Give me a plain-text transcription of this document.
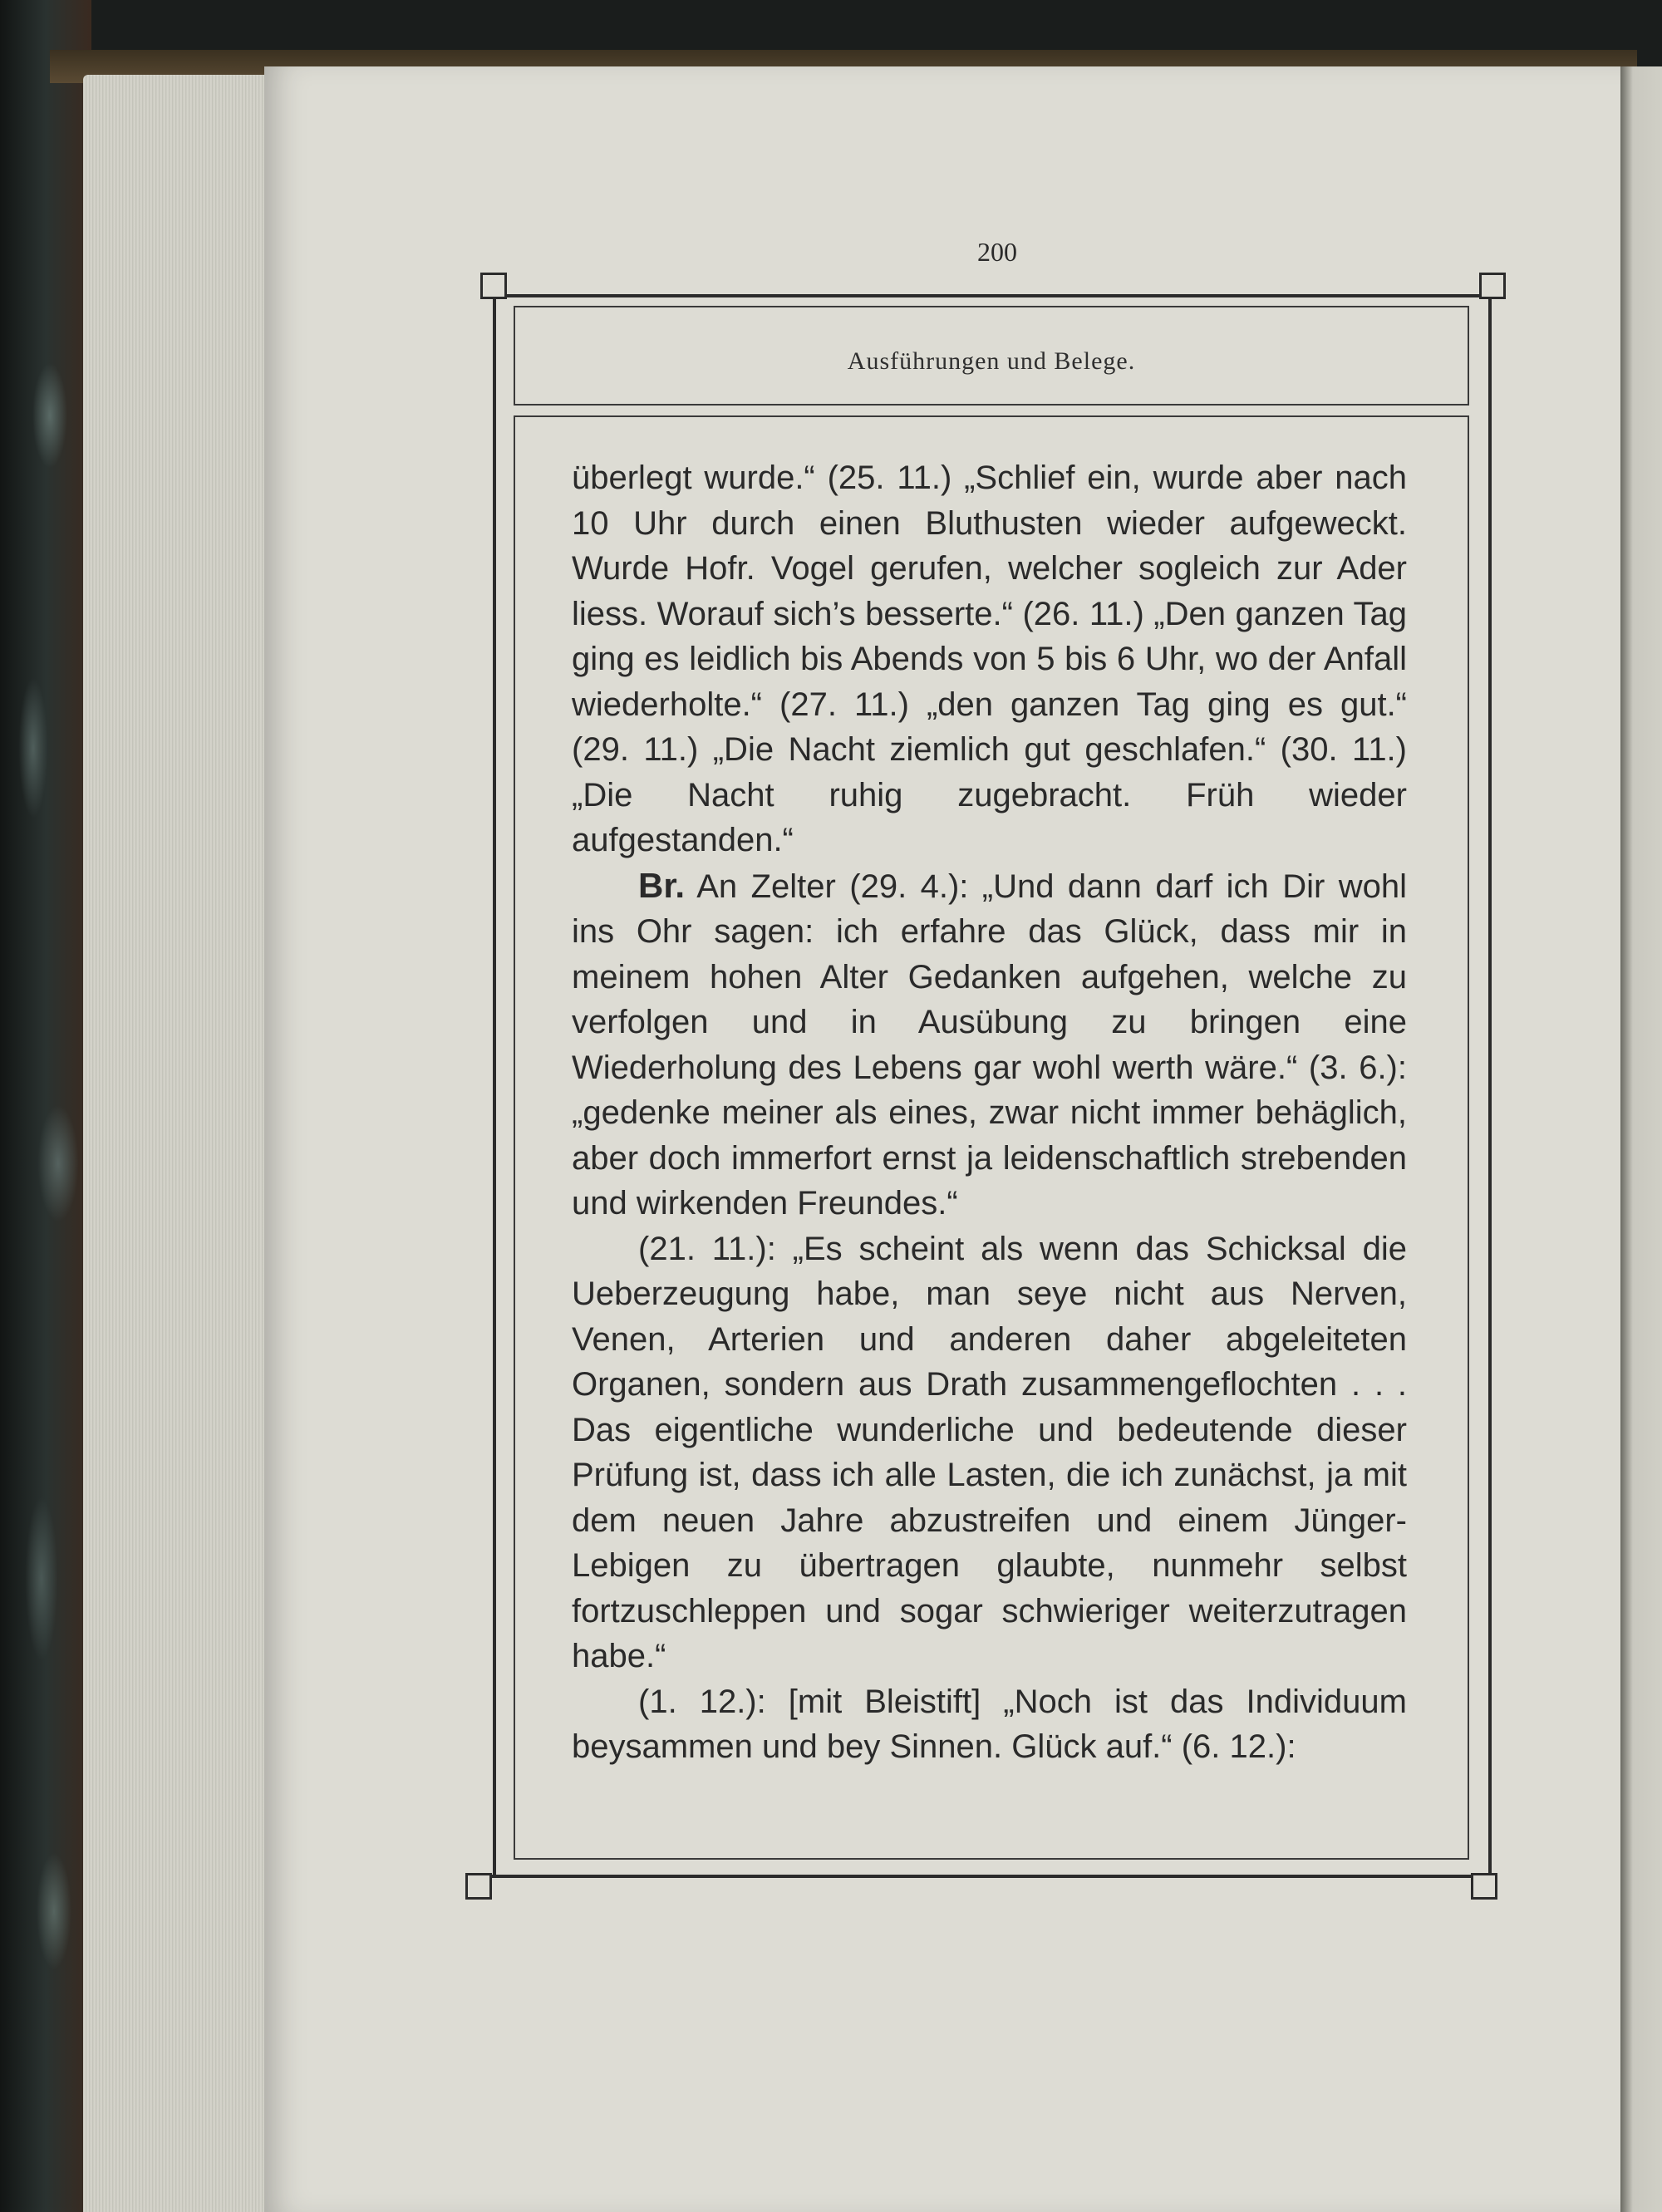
200
Ausführungen und Belege.

überlegt wurde.“ (25. 11.) „Schlief ein, wurde aber nach 10 Uhr durch einen Bluthusten wieder aufgeweckt. Wurde Hofr. Vogel gerufen, welcher sogleich zur Ader liess. Worauf sich’s besserte.“ (26. 11.) „Den ganzen Tag ging es leidlich bis Abends von 5 bis 6 Uhr, wo der Anfall wiederholte.“ (27. 11.) „den ganzen Tag ging es gut.“ (29. 11.) „Die Nacht ziemlich gut geschlafen.“ (30. 11.) „Die Nacht ruhig zugebracht. Früh wieder aufgestanden.“

Br. An Zelter (29. 4.): „Und dann darf ich Dir wohl ins Ohr sagen: ich erfahre das Glück, dass mir in meinem hohen Alter Gedanken aufgehen, welche zu verfolgen und in Ausübung zu bringen eine Wiederholung des Lebens gar wohl werth wäre.“ (3. 6.): „gedenke meiner als eines, zwar nicht immer behäglich, aber doch immerfort ernst ja leidenschaftlich strebenden und wirkenden Freundes.“

(21. 11.): „Es scheint als wenn das Schicksal die Ueberzeugung habe, man seye nicht aus Nerven, Venen, Arterien und anderen daher abgeleiteten Organen, sondern aus Drath zusammengeflochten . . . Das eigentliche wunderliche und bedeutende dieser Prüfung ist, dass ich alle Lasten, die ich zunächst, ja mit dem neuen Jahre abzustreifen und einem Jünger-Lebigen zu übertragen glaubte, nunmehr selbst fortzuschleppen und sogar schwieriger weiterzutragen habe.“

(1. 12.): [mit Bleistift] „Noch ist das Individuum beysammen und bey Sinnen. Glück auf.“ (6. 12.):
